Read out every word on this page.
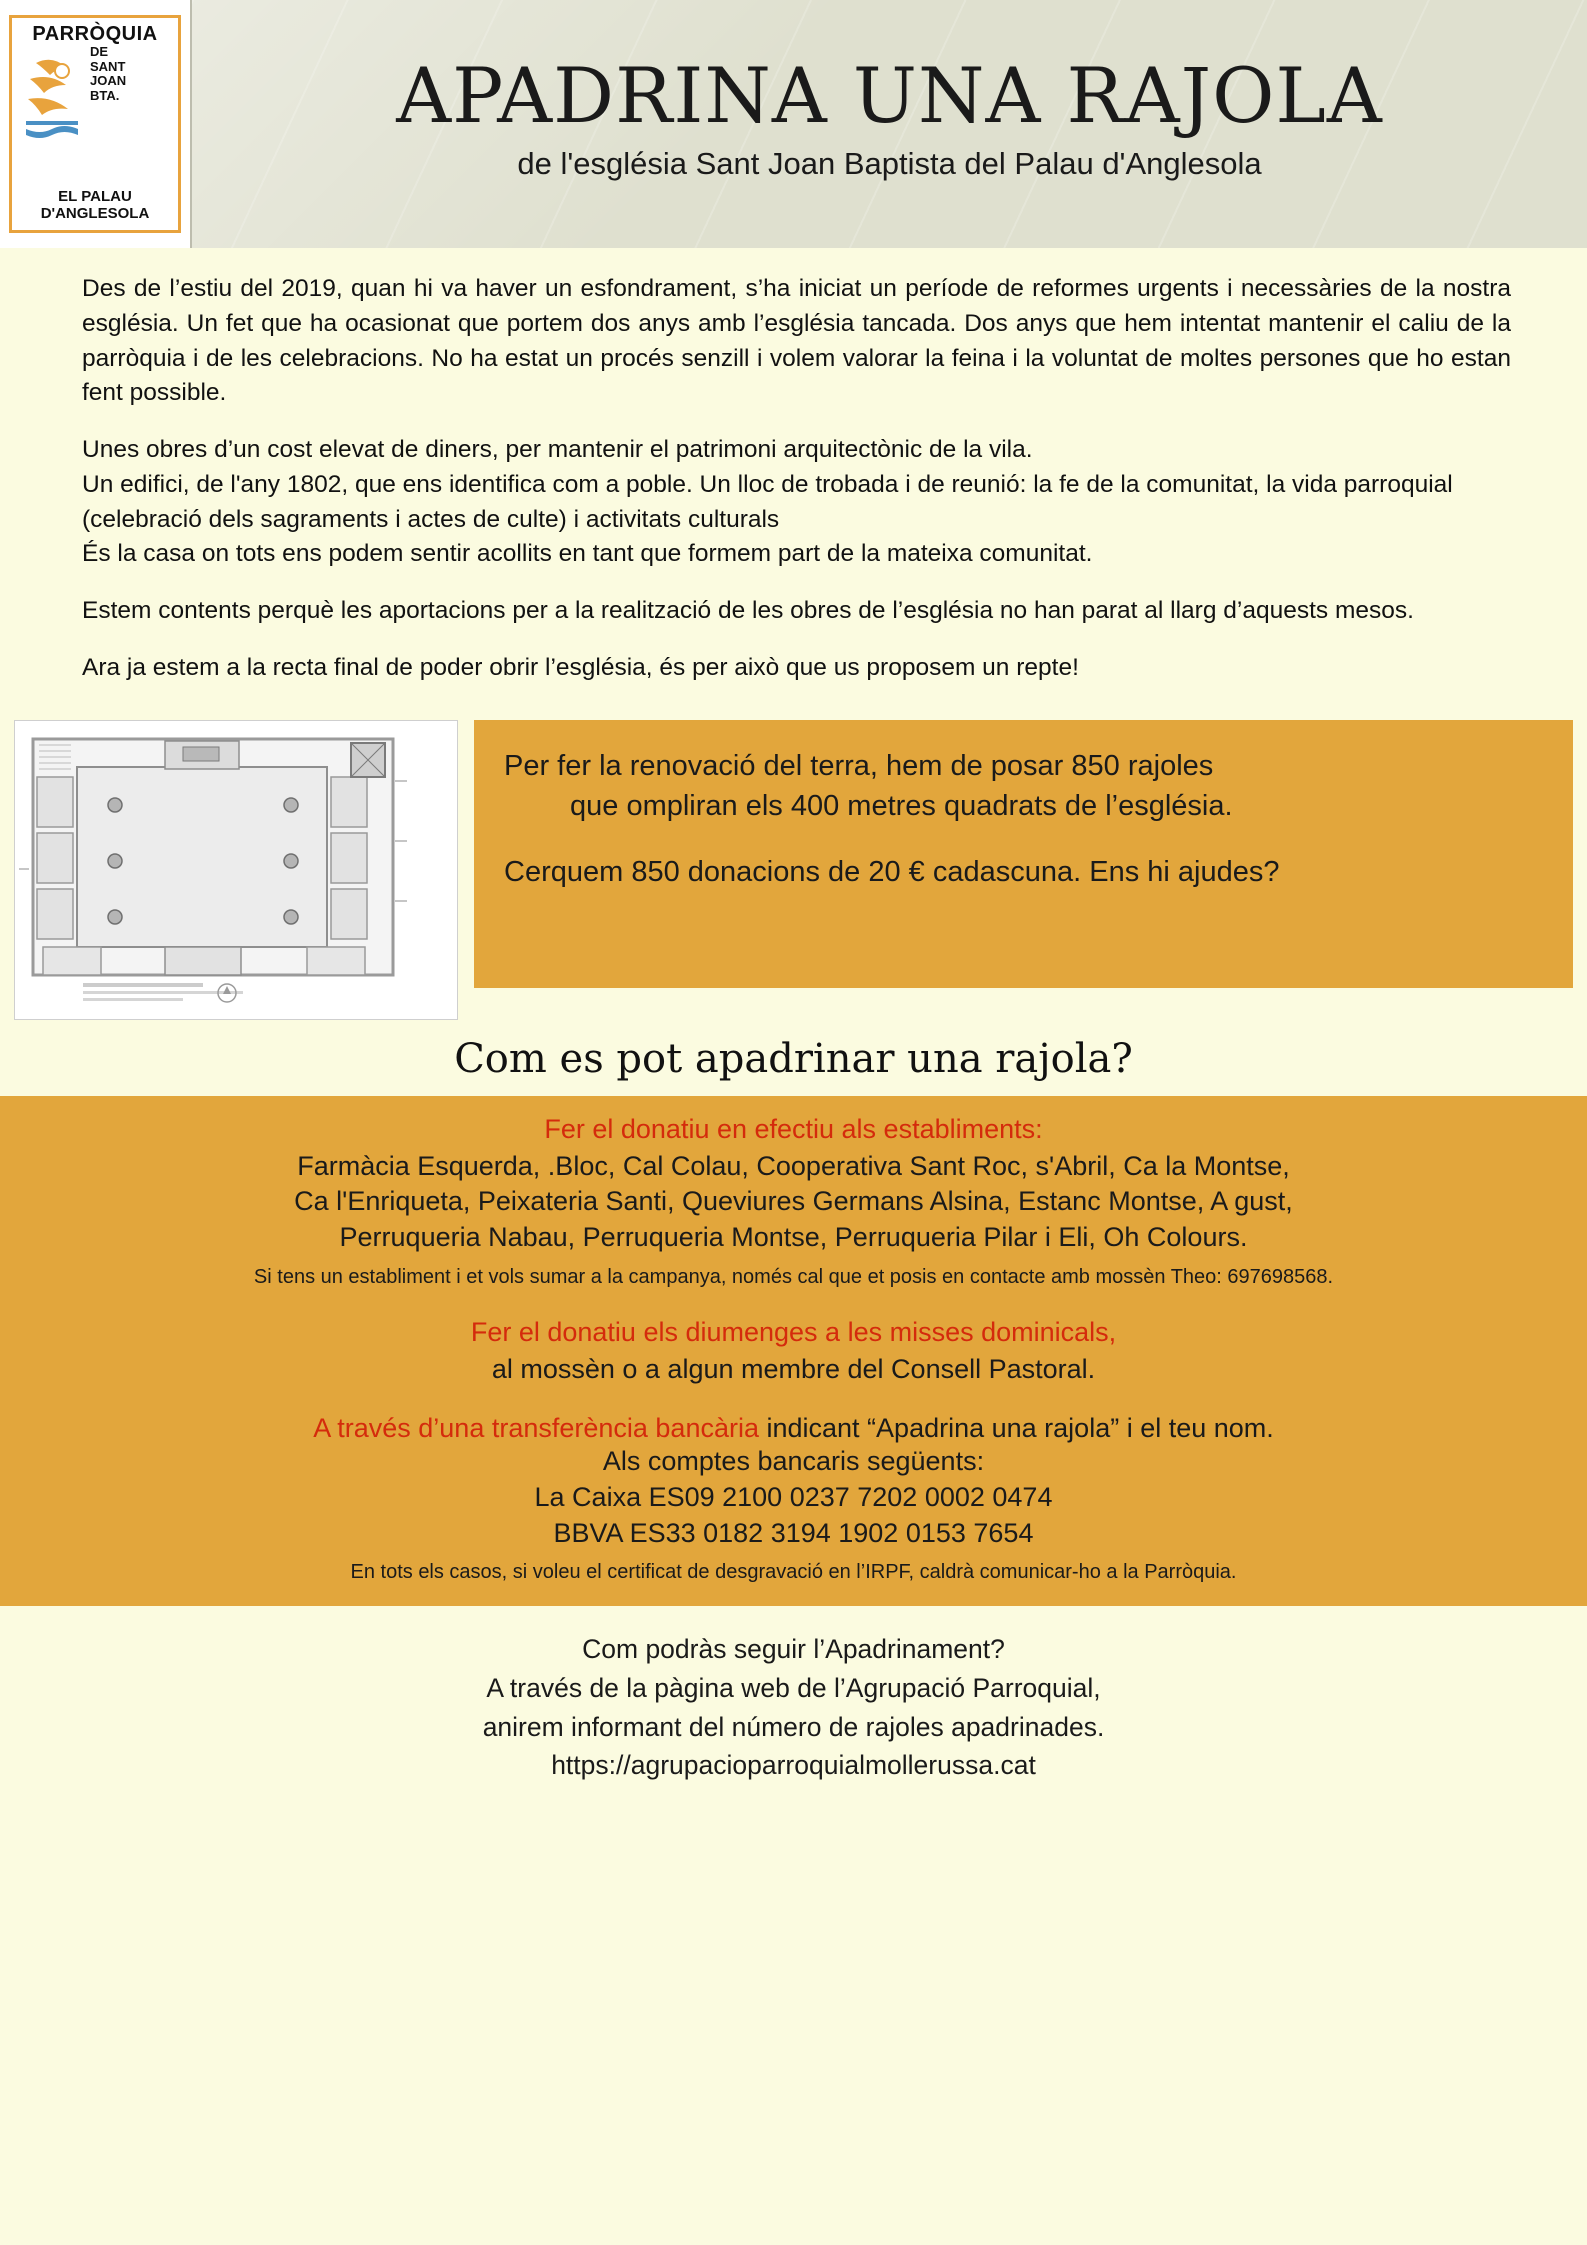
PARRÒQUIA
DE
SANT
JOAN
BTA.
EL PALAU
D'ANGLESOLA
APADRINA UNA RAJOLA
de l'església Sant Joan Baptista del Palau d'Anglesola

Des de l’estiu del 2019, quan hi va haver un esfondrament, s’ha iniciat un període de reformes urgents i necessàries de la nostra església. Un fet que ha ocasionat que portem dos anys amb l’església tancada. Dos anys que hem intentat mantenir el caliu de la parròquia i de les celebracions. No ha estat un procés senzill i volem valorar la feina i la voluntat de moltes persones que ho estan fent possible.

Unes obres d’un cost elevat de diners, per mantenir el patrimoni arquitectònic de la vila.
Un edifici, de l'any 1802, que ens identifica com a poble. Un lloc de trobada i de reunió: la fe de la comunitat, la vida parroquial (celebració dels sagraments i actes de culte) i activitats culturals
És la casa on tots ens podem sentir acollits en tant que formem part de la mateixa comunitat.

Estem contents perquè les aportacions per a la realització de les obres de l’església no han parat al llarg d’aquests mesos.

Ara ja estem a la recta final de poder obrir l’església, és per això que us proposem un repte!

Per fer la renovació del terra, hem de posar 850 rajoles

que ompliran els 400 metres quadrats de l’església.

Cerquem 850 donacions de 20 € cadascuna. Ens hi ajudes?

Com es pot apadrinar una rajola?
Fer el donatiu en efectiu als establiments:
Farmàcia Esquerda, .Bloc, Cal Colau, Cooperativa Sant Roc, s'Abril, Ca la Montse,
Ca l'Enriqueta, Peixateria Santi, Queviures Germans Alsina, Estanc Montse, A gust,
Perruqueria Nabau, Perruqueria Montse, Perruqueria Pilar i Eli, Oh Colours.
Si tens un establiment i et vols sumar a la campanya, només cal que et posis en contacte amb mossèn Theo: 697698568.
Fer el donatiu els diumenges a les misses dominicals,
al mossèn o a algun membre del Consell Pastoral.
A través d’una transferència bancària indicant “Apadrina una rajola” i el teu nom.
Als comptes bancaris següents:
La Caixa ES09 2100 0237 7202 0002 0474
BBVA ES33 0182 3194 1902 0153 7654
En tots els casos, si voleu el certificat de desgravació en l’IRPF, caldrà comunicar-ho a la Parròquia.
Com podràs seguir l’Apadrinament?
A través de la pàgina web de l’Agrupació Parroquial,
anirem informant del número de rajoles apadrinades.
https://agrupacioparroquialmollerussa.cat
